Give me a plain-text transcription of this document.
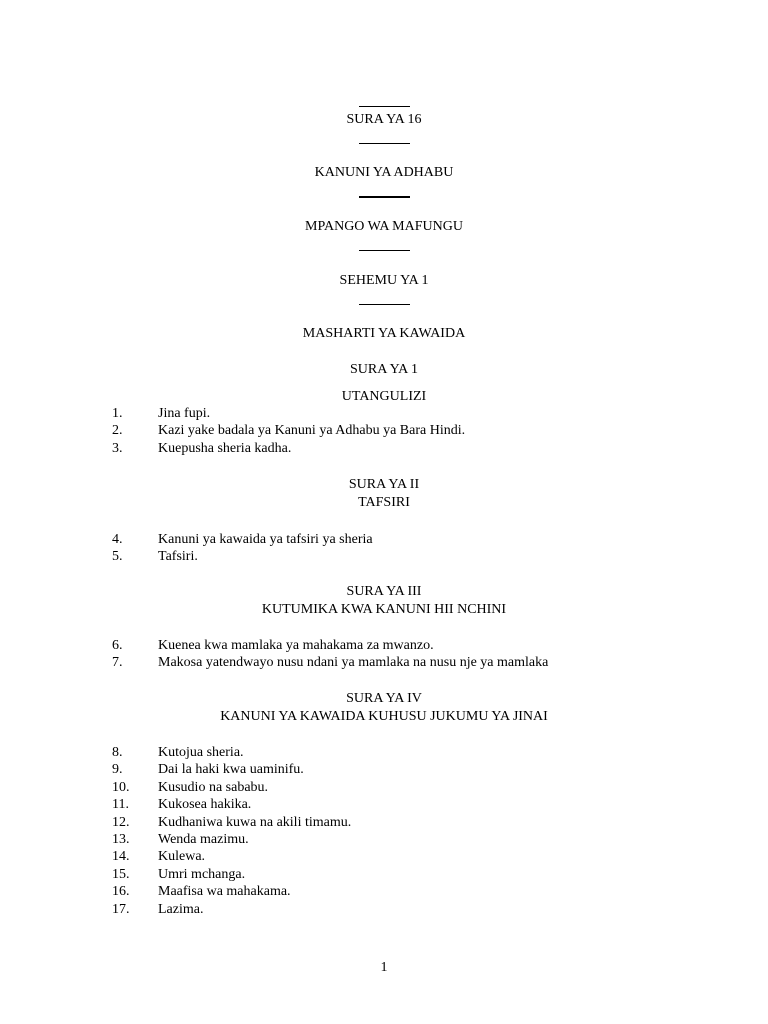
SURA YA 16
KANUNI YA ADHABU
MPANGO WA MAFUNGU
SEHEMU YA 1
MASHARTI YA KAWAIDA
SURA YA 1
UTANGULIZI
1.	Jina fupi.
2.	Kazi yake badala ya Kanuni ya Adhabu ya Bara Hindi.
3.	Kuepusha sheria kadha.
SURA YA II
TAFSIRI
4.	Kanuni ya kawaida ya tafsiri ya sheria
5.	Tafsiri.
SURA YA III
KUTUMIKA KWA KANUNI HII NCHINI
6.	Kuenea kwa mamlaka ya mahakama za mwanzo.
7.	Makosa yatendwayo nusu ndani ya mamlaka na nusu nje ya mamlaka
SURA YA IV
KANUNI YA KAWAIDA KUHUSU JUKUMU YA JINAI
8.	Kutojua sheria.
9.	Dai la haki kwa uaminifu.
10. Kusudio na sababu.
11. Kukosea hakika.
12. Kudhaniwa kuwa na akili timamu.
13. Wenda mazimu.
14. Kulewa.
15. Umri mchanga.
16. Maafisa wa mahakama.
17. Lazima.
1
